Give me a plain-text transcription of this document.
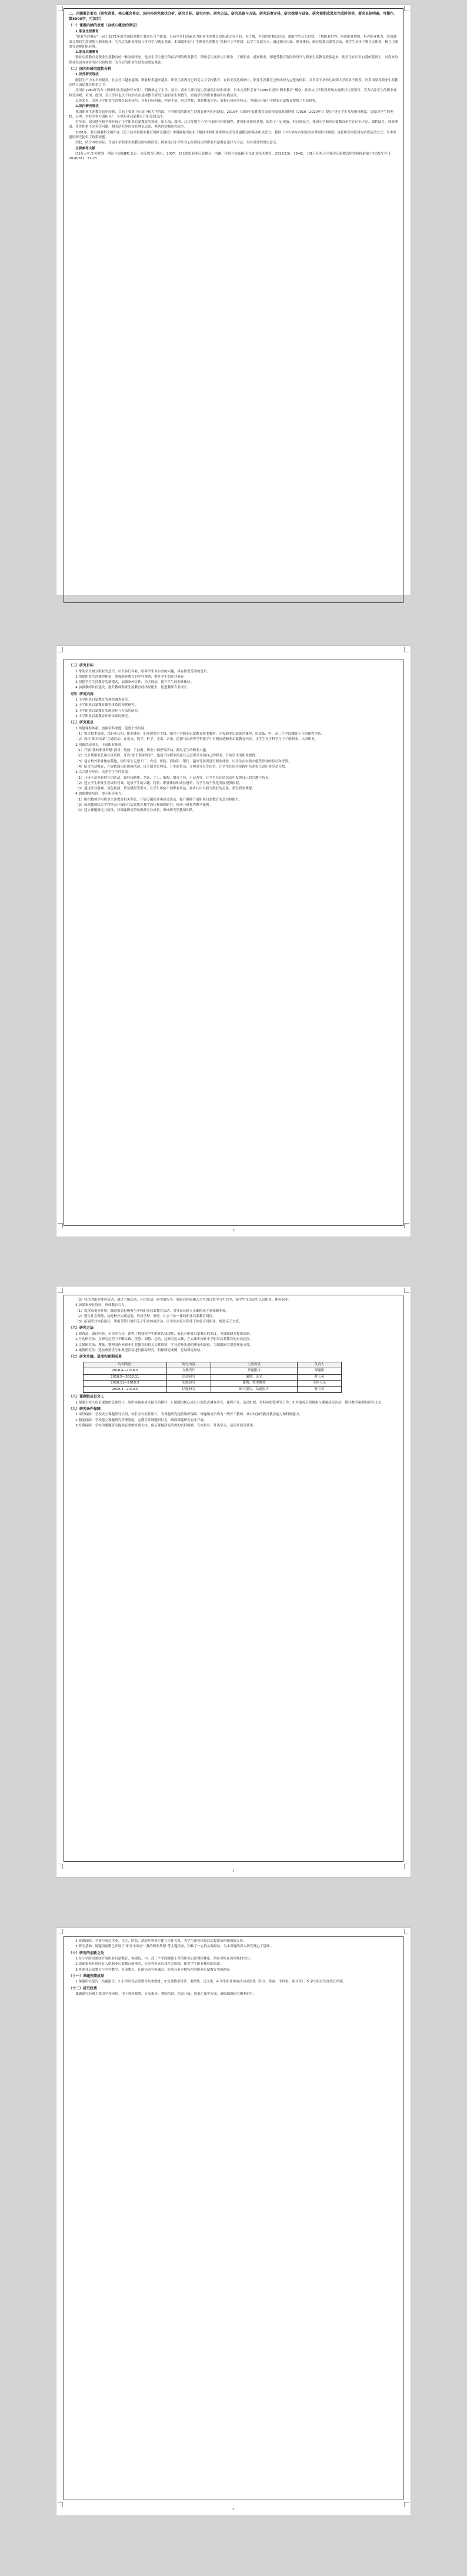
二、开题报告要点（研究背景、核心概念界定、国内外研究现状分析、研究目标、研究内容、研究方法、研究思路与方法、研究进度安排、研究保障与设备、研究预期成果及完成时间等，要求具体明确、可操作，限3000字，可加页）
（一）课题内涵的表述（含核心概念的界定）

1.职业生涯教育

“职业生涯教育”一词于1971年由美国联邦教育署署长马兰提出，目前学者们普遍认为职业生涯教育是指通过有目的、有计划、有组织的教育活动，帮助学生认识自我、了解职业世界、形成职业理想、培养职业能力，进而做出合理的生涯规划与职业选择，为今后的职业发展与终身学习奠定基础。本课题中的“小学职业生涯教育”是指在小学阶段，以学生发展为本，通过职业认知、职业体验、职业规划启蒙等活动，使学生初步了解社会职业，树立正确的劳动观和职业观。

2.职业启蒙教育

职业启蒙教育是职业生涯教育的一种初级形态，是对小学生进行的最早期的职业教育，帮助学生初步认识职业、了解职业、感知职业，即把受教育阶段的设计与职业生涯教育联系起来，使学生在认识自我的基础上，对将来的职业发展有初步的认识和规划，为今后的职业生涯发展奠定基础。

（二）国内外研究现状分析

1.国外研究现状

随着生产力水平的提高，社会分工越来越细，职业种类越来越多，职业生涯教育已经走入了学校教育。在欧美发达国家中，职业生涯教育已形成较为完整的体系，并贯穿于从幼儿园到大学的各个阶段，许多国家将职业生涯教育纳入国民教育体系之中。

美国在1989年发布《国家职业发展指导方针》，明确规定了小学、初中、高中生职业能力发展的目标和要求；日本文部科学省于1999年提出“职业教育”概念，要求从小学阶段开始实施职业生涯教育，着力培养学生的职业观和劳动观；英国、德国、芬兰等国也以不同形式在基础教育阶段开展职业生涯教育，重视学生的职业体验和实践活动。

总体来看，国外小学职业生涯教育起步较早，具有目标明确、内容丰富、形式多样、课程体系完善、家校社协同等特点，为我国开展小学职业启蒙教育提供了有益借鉴。

2.国内研究现状

我国职业生涯教育起步较晚，目前主要集中在高中和大学阶段，小学阶段的职业生涯教育研究相对薄弱。2010年《国家中长期教育改革和发展规划纲要（2010—2020年）》提出“建立学生发展指导制度，加强对学生的理想、心理、学业等多方面指导”，小学职业启蒙教育开始受到关注。

近年来，部分地区和学校开展了小学职业启蒙教育的探索，如上海、深圳、北京等地在小学开设职业体验课程，建设职业体验基地，取得了一定成效。但总体而言，我国小学职业启蒙教育仍存在认识不足、课程缺乏、师资薄弱、评价体系不完善等问题，相关研究多停留在理论层面，系统的实践研究较少。

2001年，联合国教科文组织在《关于技术和职业教育的修订建议》中明确提出初步了解技术和职业世界应成为普通教育的基本组成部分。我国《中小学综合实践活动课程指导纲要》也将职业体验列为重要活动方式，为本课题的研究提供了政策依据。

因此，结合本校实际，开展小学职业生涯教育的实践研究，探索适合小学生身心发展特点的职业启蒙教育途径与方法，具有重要的现实意义。

主要参考文献

[1]黄天中.生涯规划：理论与实践[M].北京：高等教育出版社，2007.　[2]刘晓.职业启蒙教育：内涵、价值与实施路径[J].职业技术教育，2015(13)：38-42.　[3]王英杰.小学职业启蒙教育的实践探索[J].中国教育学刊，2016(S1)：21-23.

（三）研究目标

1.帮助学生树立职业的意识，认识各行各业，培养学生对自身的兴趣，具有热爱劳动的意识。

2.构建职业生涯课程体系，加强职业教育的学科渗透，提升学生的职业素养。

3.创建学生生涯教育的新模式，加强家校合作、社区联动，提升学生的职业体验。

4.加强教师队伍建设，提升教师职业生涯教育的指导能力，促进教师专业成长。

（四）研究内容

1.小学职业启蒙教育的现状调查研究。

2.小学职业启蒙教育课程体系的构建研究。

3.小学职业启蒙教育实施途径与方法的研究。

4.小学职业启蒙教育评价体系的研究。

（五）研究重点

1.构建课程体系，加强学科渗透，促进个性发展。

（1）整合校本资源，以职业认知、职业体验、职业规划为主线，编写小学职业启蒙教育校本教材，开发职业启蒙系列课程，形成低、中、高三个学段螺旋上升的课程体系。

（2）设计“职业启蒙”主题活动，在语文、数学、科学、美术、音乐、道德与法治等学科教学中有机渗透职业启蒙教育内容，让学生在学科学习中了解职业、认识职业。

2.创新活动形式，丰富职业体验。

（1）开展“我的职业梦想”演讲、绘画、手抄报、职业小调查等活动，激发学生的职业兴趣。

（2）充分利用家长和社区资源，开设“家长职业讲堂”，邀请不同职业的家长走进课堂介绍自己的职业，开阔学生的职业视野。

（3）建立校外职业体验基地，组织学生走进工厂、农场、医院、消防队、银行、超市等场所进行职业体验，让学生在实践中感受职业的特点和价值。

（4）结合劳动教育，开展校园岗位体验活动，设立图书管理员、卫生监督员、文明引导员等岗位，让学生在岗位实践中培养责任意识和劳动习惯。

3.以兴趣为导向，培养学生个性发展。

（1）开设丰富多彩的社团活动，如科技制作、烹饪、手工、编程、播音主持、小记者等，让学生在社团活动中发现自己的兴趣与特长。

（2）建立学生职业生涯成长档案，记录学生的兴趣、特长、职业体验和成长感悟，为学生的个性化发展提供依据。

（3）通过职业游戏、角色扮演、情景模拟等形式，让学生体验不同职业角色，初步认识自我与职业的关系，萌发职业理想。

4.加强教师培训，提升指导能力。

（1）组织教师学习职业生涯教育相关理论，开展专题培训和研讨活动，提升教师开展职业启蒙教育的意识和能力。

（2）鼓励教师结合学科特点开展职业启蒙教育教学设计和课例研究，形成一批优秀教学案例。

（3）建立课题研究共同体，以课题研究带动教师专业成长，形成研究型教师团队。

3

（3）特色的职业体验活动：通过主题活动、社团活动、研学旅行等，将职业体验融入学生的日常学习生活中，使学生在活动中认识职业、体验职业。

5.加强家校社协同，形成教育合力。

（1）发挥家委会作用，鼓励家长积极参与学校职业启蒙教育活动，引导家长树立正确的成才观和职业观。

（2）整合社会资源，构建校外实践基地，形成学校、家庭、社会三位一体的职业启蒙教育网络。

（3）拓展职业体验途径，利用节假日组织亲子职业体验活动，让学生在家长陪伴下体验不同职业，增进亲子交流。

（六）研究方法

1.调查法：通过问卷、访谈等方式，调查了解我校学生职业认知现状、家长对职业启蒙教育的态度，为课题研究提供依据。

2.行动研究法：在研究过程中不断实践、反思、调整、总结，边研究边实践，在实践中探索小学职业启蒙教育的有效途径。

3.文献研究法：搜集、整理国内外职业生涯教育的相关文献资料，学习借鉴先进的理论和经验，为课题研究提供理论支撑。

4.案例研究法：选取典型学生和典型活动进行跟踪研究，积累研究案例，总结研究经验。

（七）研究步骤、进度和预期成果
时间阶段	研究内容	主要成果	负责人
2018.4—2018.5	方案设计	开题报告	课题组
2018.5—2018.11	活动研究	案例、论文	曹玉英
2018.11—2019.3	实践研究	课例、校本教材	全体人员
2019.3—2019.5	结题研究	研究报告、结题报告	曹玉英
（八）课题组成员分工

1.课题主持人负责课题的总体设计、组织协调和研究报告的撰写；2.课题组核心成员分别负责调查研究、课程开发、活动组织、资料收集整理等工作；3.其他成员积极参与课题研究活动，撰写教学案例和研究论文。

（九）研究条件保障

1.组织保障：学校成立课题领导小组，校长亲自担任组长，为课题研究提供组织保障。课题组成员均为一线骨干教师，具有较强的教育教学能力和科研能力。

2.制度保障：学校建立课题研究管理制度，定期召开课题研讨会，确保课题研究有序开展。

3.经费保障：学校为课题研究提供必要的经费支持，保证课题研究所需的资料购置、专家指导、外出学习、活动开展等费用。

4

4.资源保障：学校与周边企业、社区、医院、消防队等单位建立合作关系，为学生职业体验活动提供场所和资源支持。

5.研究基础：课题组前期已开展了“职业小调查”“我的职业梦想”等主题活动，积累了一定的实践经验，为本课题的深入研究奠定了基础。

（十）研究的创新之处

1.在小学阶段系统开展职业启蒙教育，构建低、中、高三个学段螺旋上升的职业启蒙课程体系，填补学校在该领域的空白。

2.探索家校社协同育人的职业启蒙教育新模式，充分利用家长和社会资源，拓宽学生职业体验的渠道。

3.将职业启蒙教育与学科教学、劳动教育、社团活动有机融合，形成具有本校特色的职业启蒙教育实施路径。

（十一）课题预期成果

1.课题研究报告、结题报告；2.小学职业启蒙教育校本教材；3.优秀教学设计、案例集、论文集；4.学生职业体验活动成果集（作文、绘画、手抄报、照片等）；5.学生职业生涯成长档案。

（十二）研究经费

课题研究经费主要由学校承担，用于资料购置、专家指导、教师培训、活动开展、成果汇编等方面，确保课题研究顺利进行。

5
